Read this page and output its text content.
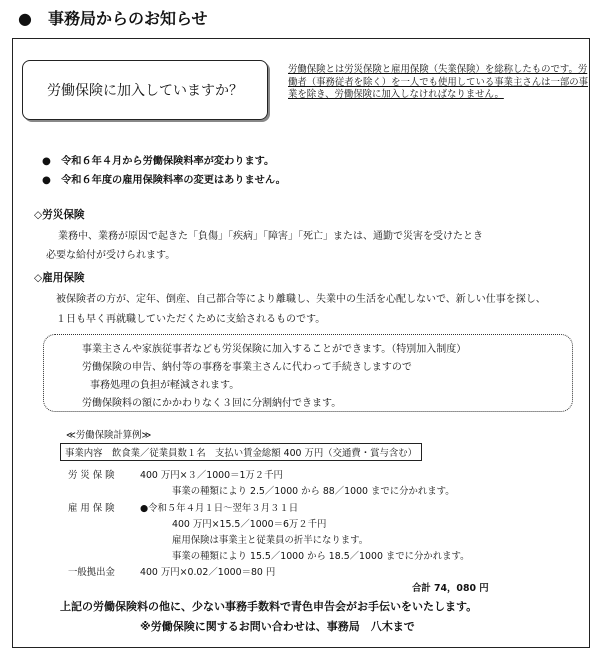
●　事務局からのお知らせ
労働保険に加入していますか？
労働保険とは労災保険と雇用保険（失業保険）を総称したものです。労働者（事務従者を除く）を一人でも使用している事業主さんは一部の事業を除き、労働保険に加入しなければなりません。
●　令和６年４月から労働保険料率が変わります。
●　令和６年度の雇用保険料率の変更はありません。
◇労災保険
業務中、業務が原因で起きた「負傷」「疾病」「障害」「死亡」または、通勤で災害を受けたとき
必要な給付が受けられます。
◇雇用保険
被保険者の方が、定年、倒産、自己都合等により離職し、失業中の生活を心配しないで、新しい仕事を探し、
１日も早く再就職していただくために支給されるものです。
事業主さんや家族従事者なども労災保険に加入することができます。（特別加入制度）
労働保険の申告、納付等の事務を事業主さんに代わって手続きしますので
事務処理の負担が軽減されます。
労働保険料の額にかかわりなく３回に分割納付できます。
≪労働保険計算例≫
事業内容　飲食業／従業員数１名　支払い賃金総額 400 万円（交通費・賞与含む）
労 災 保 険	400 万円×３／1000＝1万２千円
事業の種類により 2.5／1000 から 88／1000 までに分かれます。
雇 用 保 険	●令和５年４月１日～翌年３月３１日
400 万円×15.5／1000＝6万２千円
雇用保険は事業主と従業員の折半になります。
事業の種類により 15.5／1000 から 18.5／1000 までに分かれます。
一般拠出金	400 万円×0.02／1000＝80 円
合計 74，080 円
上記の労働保険料の他に、少ない事務手数料で青色申告会がお手伝いをいたします。
※労働保険に関するお問い合わせは、事務局　八木まで
